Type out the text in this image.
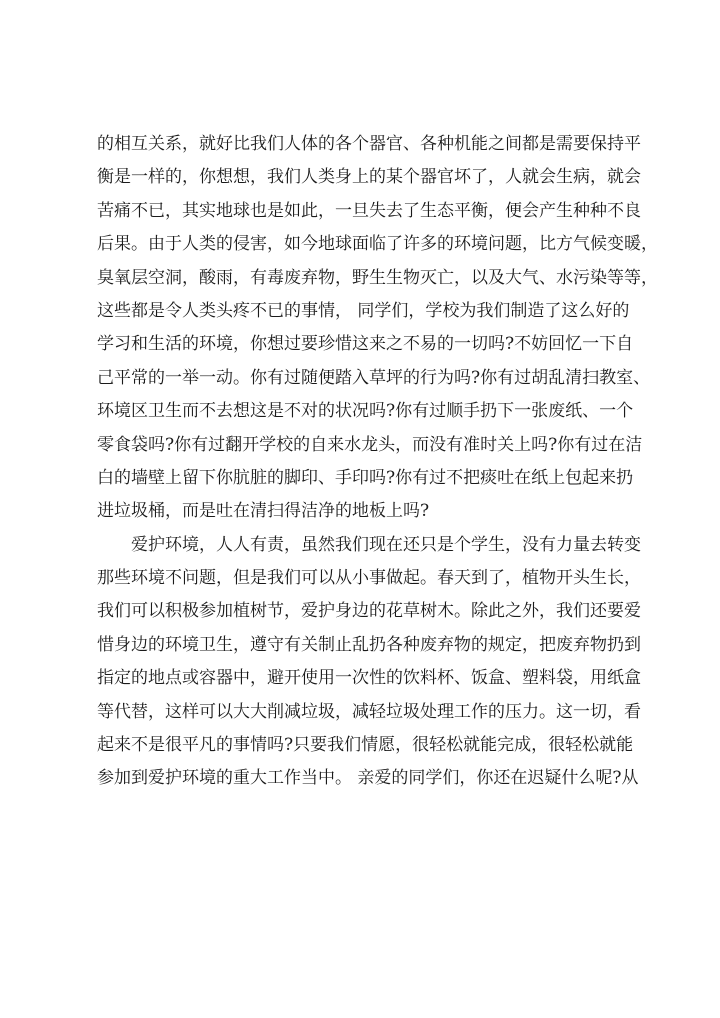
的相互关系，就好比我们人体的各个器官、各种机能之间都是需要保持平
衡是一样的，你想想，我们人类身上的某个器官坏了，人就会生病，就会
苦痛不已，其实地球也是如此，一旦失去了生态平衡，便会产生种种不良
后果。由于人类的侵害，如今地球面临了许多的环境问题，比方气候变暖，
臭氧层空洞，酸雨，有毒废弃物，野生生物灭亡，以及大气、水污染等等，
这些都是令人类头疼不已的事情， 同学们，学校为我们制造了这么好的
学习和生活的环境，你想过要珍惜这来之不易的一切吗?不妨回忆一下自
己平常的一举一动。你有过随便踏入草坪的行为吗?你有过胡乱清扫教室、
环境区卫生而不去想这是不对的状况吗?你有过顺手扔下一张废纸、一个
零食袋吗?你有过翻开学校的自来水龙头，而没有准时关上吗?你有过在洁
白的墙壁上留下你肮脏的脚印、手印吗?你有过不把痰吐在纸上包起来扔
进垃圾桶，而是吐在清扫得洁净的地板上吗?
爱护环境，人人有责，虽然我们现在还只是个学生，没有力量去转变
那些环境不问题，但是我们可以从小事做起。春天到了，植物开头生长，
我们可以积极参加植树节，爱护身边的花草树木。除此之外，我们还要爱
惜身边的环境卫生，遵守有关制止乱扔各种废弃物的规定，把废弃物扔到
指定的地点或容器中，避开使用一次性的饮料杯、饭盒、塑料袋，用纸盒
等代替，这样可以大大削减垃圾，减轻垃圾处理工作的压力。这一切，看
起来不是很平凡的事情吗?只要我们情愿，很轻松就能完成，很轻松就能
参加到爱护环境的重大工作当中。 亲爱的同学们，你还在迟疑什么呢?从
